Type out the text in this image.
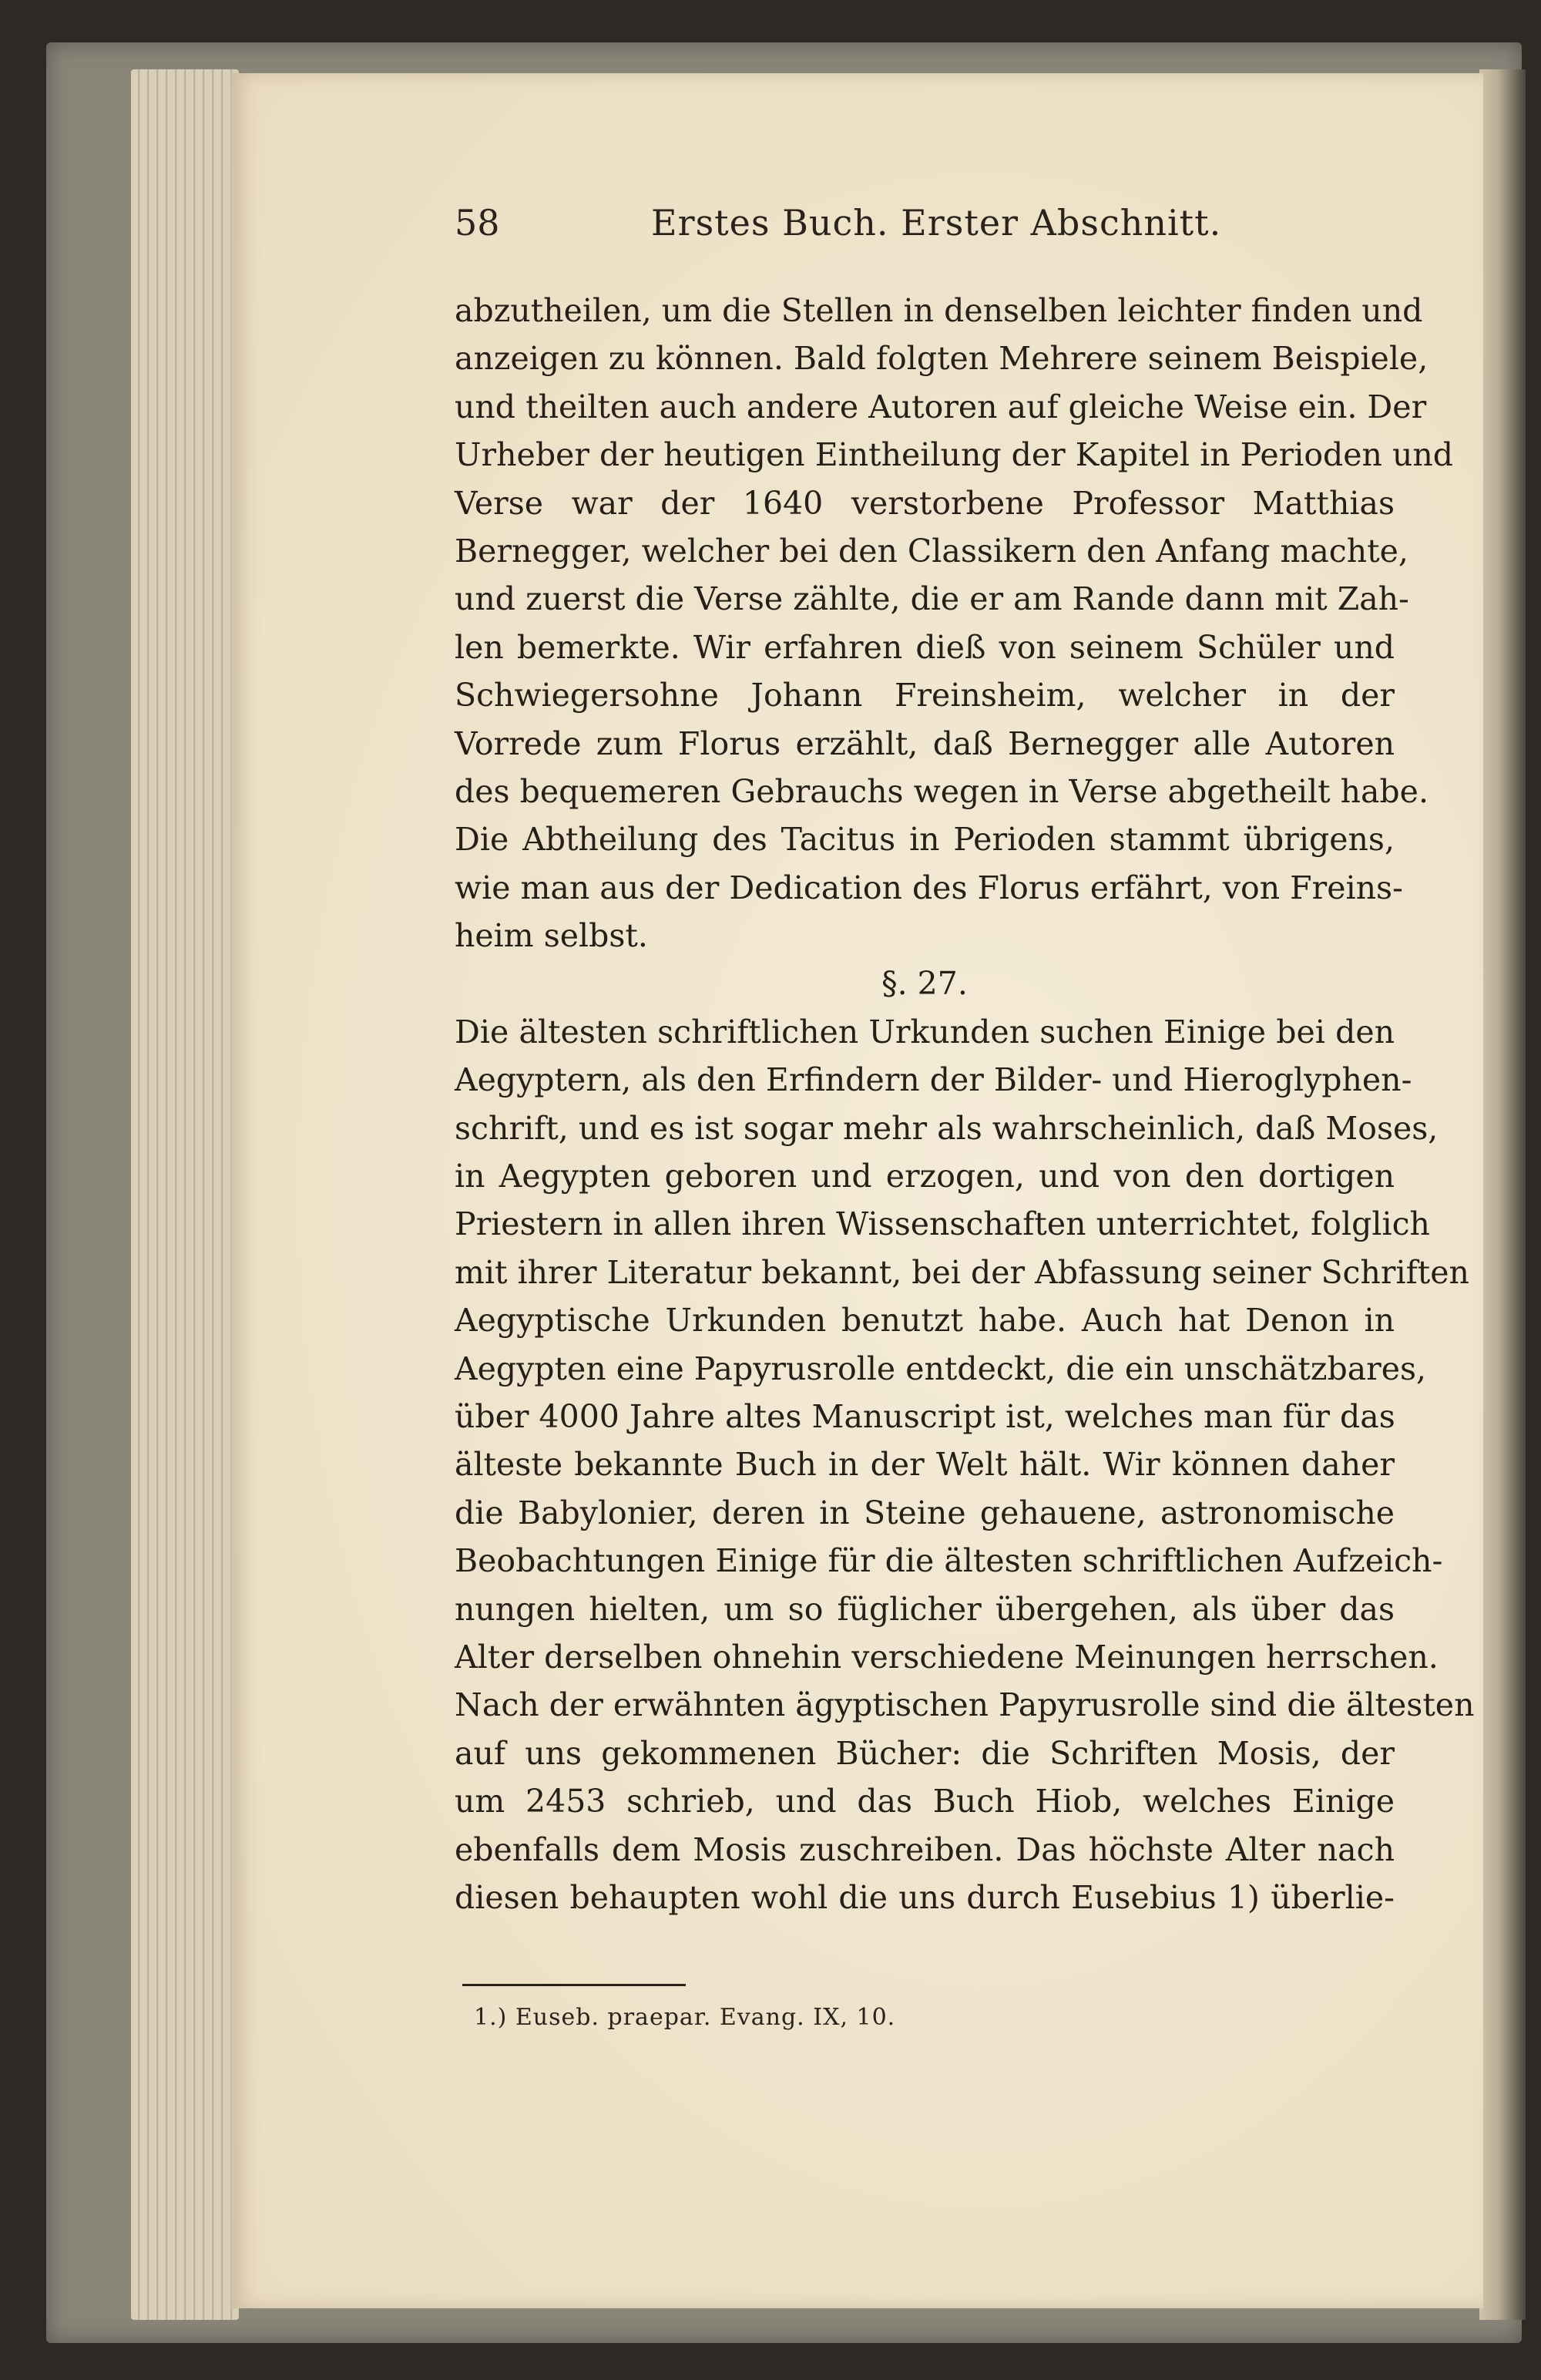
58	Erstes Buch. Erster Abschnitt.
abzutheilen, um die Stellen in denselben leichter finden und
anzeigen zu können. Bald folgten Mehrere seinem Beispiele,
und theilten auch andere Autoren auf gleiche Weise ein. Der
Urheber der heutigen Eintheilung der Kapitel in Perioden und
Verse war der 1640 verstorbene Professor Matthias
Bernegger, welcher bei den Classikern den Anfang machte,
und zuerst die Verse zählte, die er am Rande dann mit Zah-
len bemerkte. Wir erfahren dieß von seinem Schüler und
Schwiegersohne Johann Freinsheim, welcher in der
Vorrede zum Florus erzählt, daß Bernegger alle Autoren
des bequemeren Gebrauchs wegen in Verse abgetheilt habe.
Die Abtheilung des Tacitus in Perioden stammt übrigens,
wie man aus der Dedication des Florus erfährt, von Freins-
heim selbst.
§. 27.
Die ältesten schriftlichen Urkunden suchen Einige bei den
Aegyptern, als den Erfindern der Bilder- und Hieroglyphen-
schrift, und es ist sogar mehr als wahrscheinlich, daß Moses,
in Aegypten geboren und erzogen, und von den dortigen
Priestern in allen ihren Wissenschaften unterrichtet, folglich
mit ihrer Literatur bekannt, bei der Abfassung seiner Schriften
Aegyptische Urkunden benutzt habe. Auch hat Denon in
Aegypten eine Papyrusrolle entdeckt, die ein unschätzbares,
über 4000 Jahre altes Manuscript ist, welches man für das
älteste bekannte Buch in der Welt hält. Wir können daher
die Babylonier, deren in Steine gehauene, astronomische
Beobachtungen Einige für die ältesten schriftlichen Aufzeich-
nungen hielten, um so füglicher übergehen, als über das
Alter derselben ohnehin verschiedene Meinungen herrschen.
Nach der erwähnten ägyptischen Papyrusrolle sind die ältesten
auf uns gekommenen Bücher: die Schriften Mosis, der
um 2453 schrieb, und das Buch Hiob, welches Einige
ebenfalls dem Mosis zuschreiben. Das höchste Alter nach
diesen behaupten wohl die uns durch Eusebius 1) überlie-
1.) Euseb. praepar. Evang. IX, 10.
